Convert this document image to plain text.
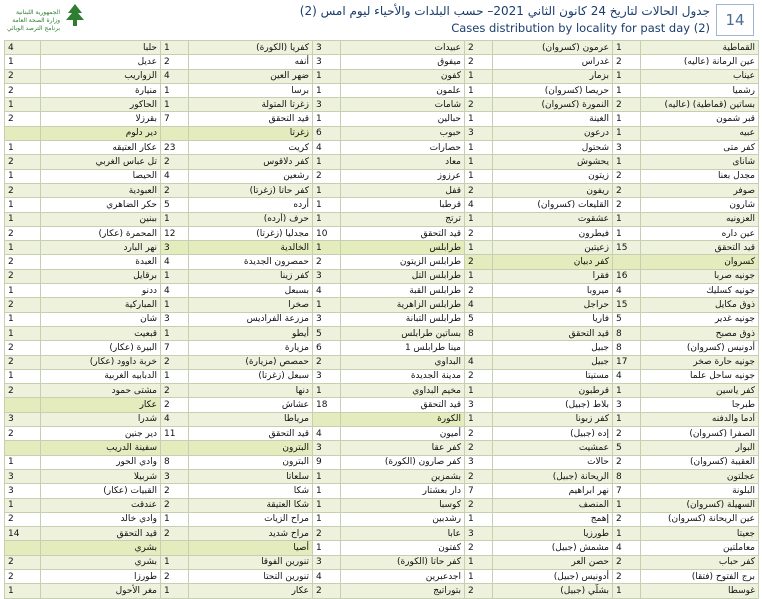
الجمهورية اللبنانية
وزارة الصحة العامة
برنامج الترصد الوبائي
جدول الحالات لتاريخ 24 كانون الثاني 2021– حسب البلدات والأحياء ليوم امس (2)
Cases distribution by locality for past day (2)	14
القماطية	1	عرمون (كسروان)	2	عبيدات	3	كفريا (الكورة)	1	حلبا	4
عين الرمانة (عاليه)	2	غدراس	2	ميفوق	3	أنفه	2	عديل	1
عيناب	1	بزمار	1	كفون	1	ضهر العين	4	الزواريب	2
رشميا	1	حريصا (كسروان)	1	علمون	1	برسا	1	منيارة	2
بساتين (قماطية) (عاليه)	2	النمورة (كسروان)	2	شامات	3	زغرتا المتولة	1	الحاكور	1
قبر شمون	1	الغينة	1	حبالين	1	قيد التحقق	7	بقرزلا	2
عبيه	1	درعون	3	حبوب	6	زغرتا		دير دلوم	
كفر متى	3	شحتول	1	حصارات	4	كريت	23	عكار العتيقه	1
شانای	1	يحشوش	1	معاد	1	كفر دلاقوس	2	تل عباس الغربي	2
مجدل بعنا	2	زيتون	1	عرزوز	2	رشعين	4	الحيصا	1
صوفر	2	ريفون	2	قفل	1	كفر حاتا (زغرتا)	2	العبودية	2
شارون	2	القليعات (كسروان)	4	قرطبا	1	أرده	5	حكر الضاهري	1
العزونيه	1	عشقوت	1	ترتج	1	حرف (أرده)	1	ببنين	1
عين داره	1	فيطرون	2	قيد التحقق	10	مجدليا (زغرتا)	12	المحمرة (عكار)	2
قيد التحقق	15	زعيتين	1	طرابلس	1	الخالدية	3	نهر البارد	1
كسروان		كفر دبيان	2	طرابلس الزيتون	2	حمصرون الجديدة	4	العبدة	2
جونيه صربا	16	فقرا	1	طرابلس التل	3	كفر زينا	1	برقايل	2
جونيه كسليك	4	ميروبا	2	طرابلس القبة	4	بسبعل	4	ددنو	1
ذوق مكايل	15	حراجل	4	طرابلس الزاهرية	1	صخرا	1	المباركية	2
جونيه غدير	5	فاريا	5	طرابلس التبانة	3	مزرعة الفراديس	3	شان	1
ذوق مصبح	8	قيد التحقق	8	بساتين طرابلس	5	أيطو	1	قبعيت	1
أدونيس (كسروان)	8	جبيل		مينا طرابلس 1	6	مزيارة	7	البيرة (عكار)	2
جونيه حارة صخر	17	جبيل	4	البداوي	2	حمصص (مزيارة)	2	خربة داوود (عكار)	2
جونيه ساحل علما	4	مستيتا	2	مدينة الجديدة	3	سبعل (زغرتا)	1	الدبابيه الغربية	1
كفر ياسين	1	قرطبون	1	مخيم البداوي	1	دنها	2	مشتى حمود	2
طبرجا	3	بلاط (جبيل)	3	قيد التحقق	18	عشاش	2	عكار	
أدما والدفنه	1	كفر زبونا	1	الكورة		مرياطا	4	شدرا	3
الصفرا (كسروان)	2	إده (جبيل)	2	أميون	4	قيد التحقق	11	دير جنين	2
البوار	5	عمشيت	2	كفر عقا	3	البترون		سفينة الدريب	
العقيبة (كسروان)	2	حالات	3	كفر صارون (الكورة)	9	البترون	8	وادي الحور	1
عجلتون	8	الريحانة (جبيل)	2	بشمزين	1	سلعاتا	3	شربيلا	3
البلونة	7	نهر ابراهيم	7	دار بعشتار	1	شكا	2	القبيات (عكار)	3
السهيلة (كسروان)	1	المنصف	2	كوسبا	1	شكا العتيقة	2	عندقت	1
عين الريحانة (كسروان)	2	إهمج	1	رشدبين	1	مراح الزيات	1	وادي خالد	2
جعيتا	1	طورزيا	3	عابا	2	مراح شديد	2	قيد التحقق	14
معاملتين	4	مشمش (جبيل)	2	كفتون	1	أصيا		بشري	
كفر حباب	2	حصن العر	1	كفر حاتا (الكورة)	3	تنورين الفوقا	1	بشري	2
برج الفتوح (فتقا)	2	أدونيس (جبيل)	1	اجدعبرين	4	تنورين التحتا	2	طورزا	2
غوسطا	1	بشلّي (جبيل)	2	بتوراتيج	2	عكار	1	مغر الأحول	1
